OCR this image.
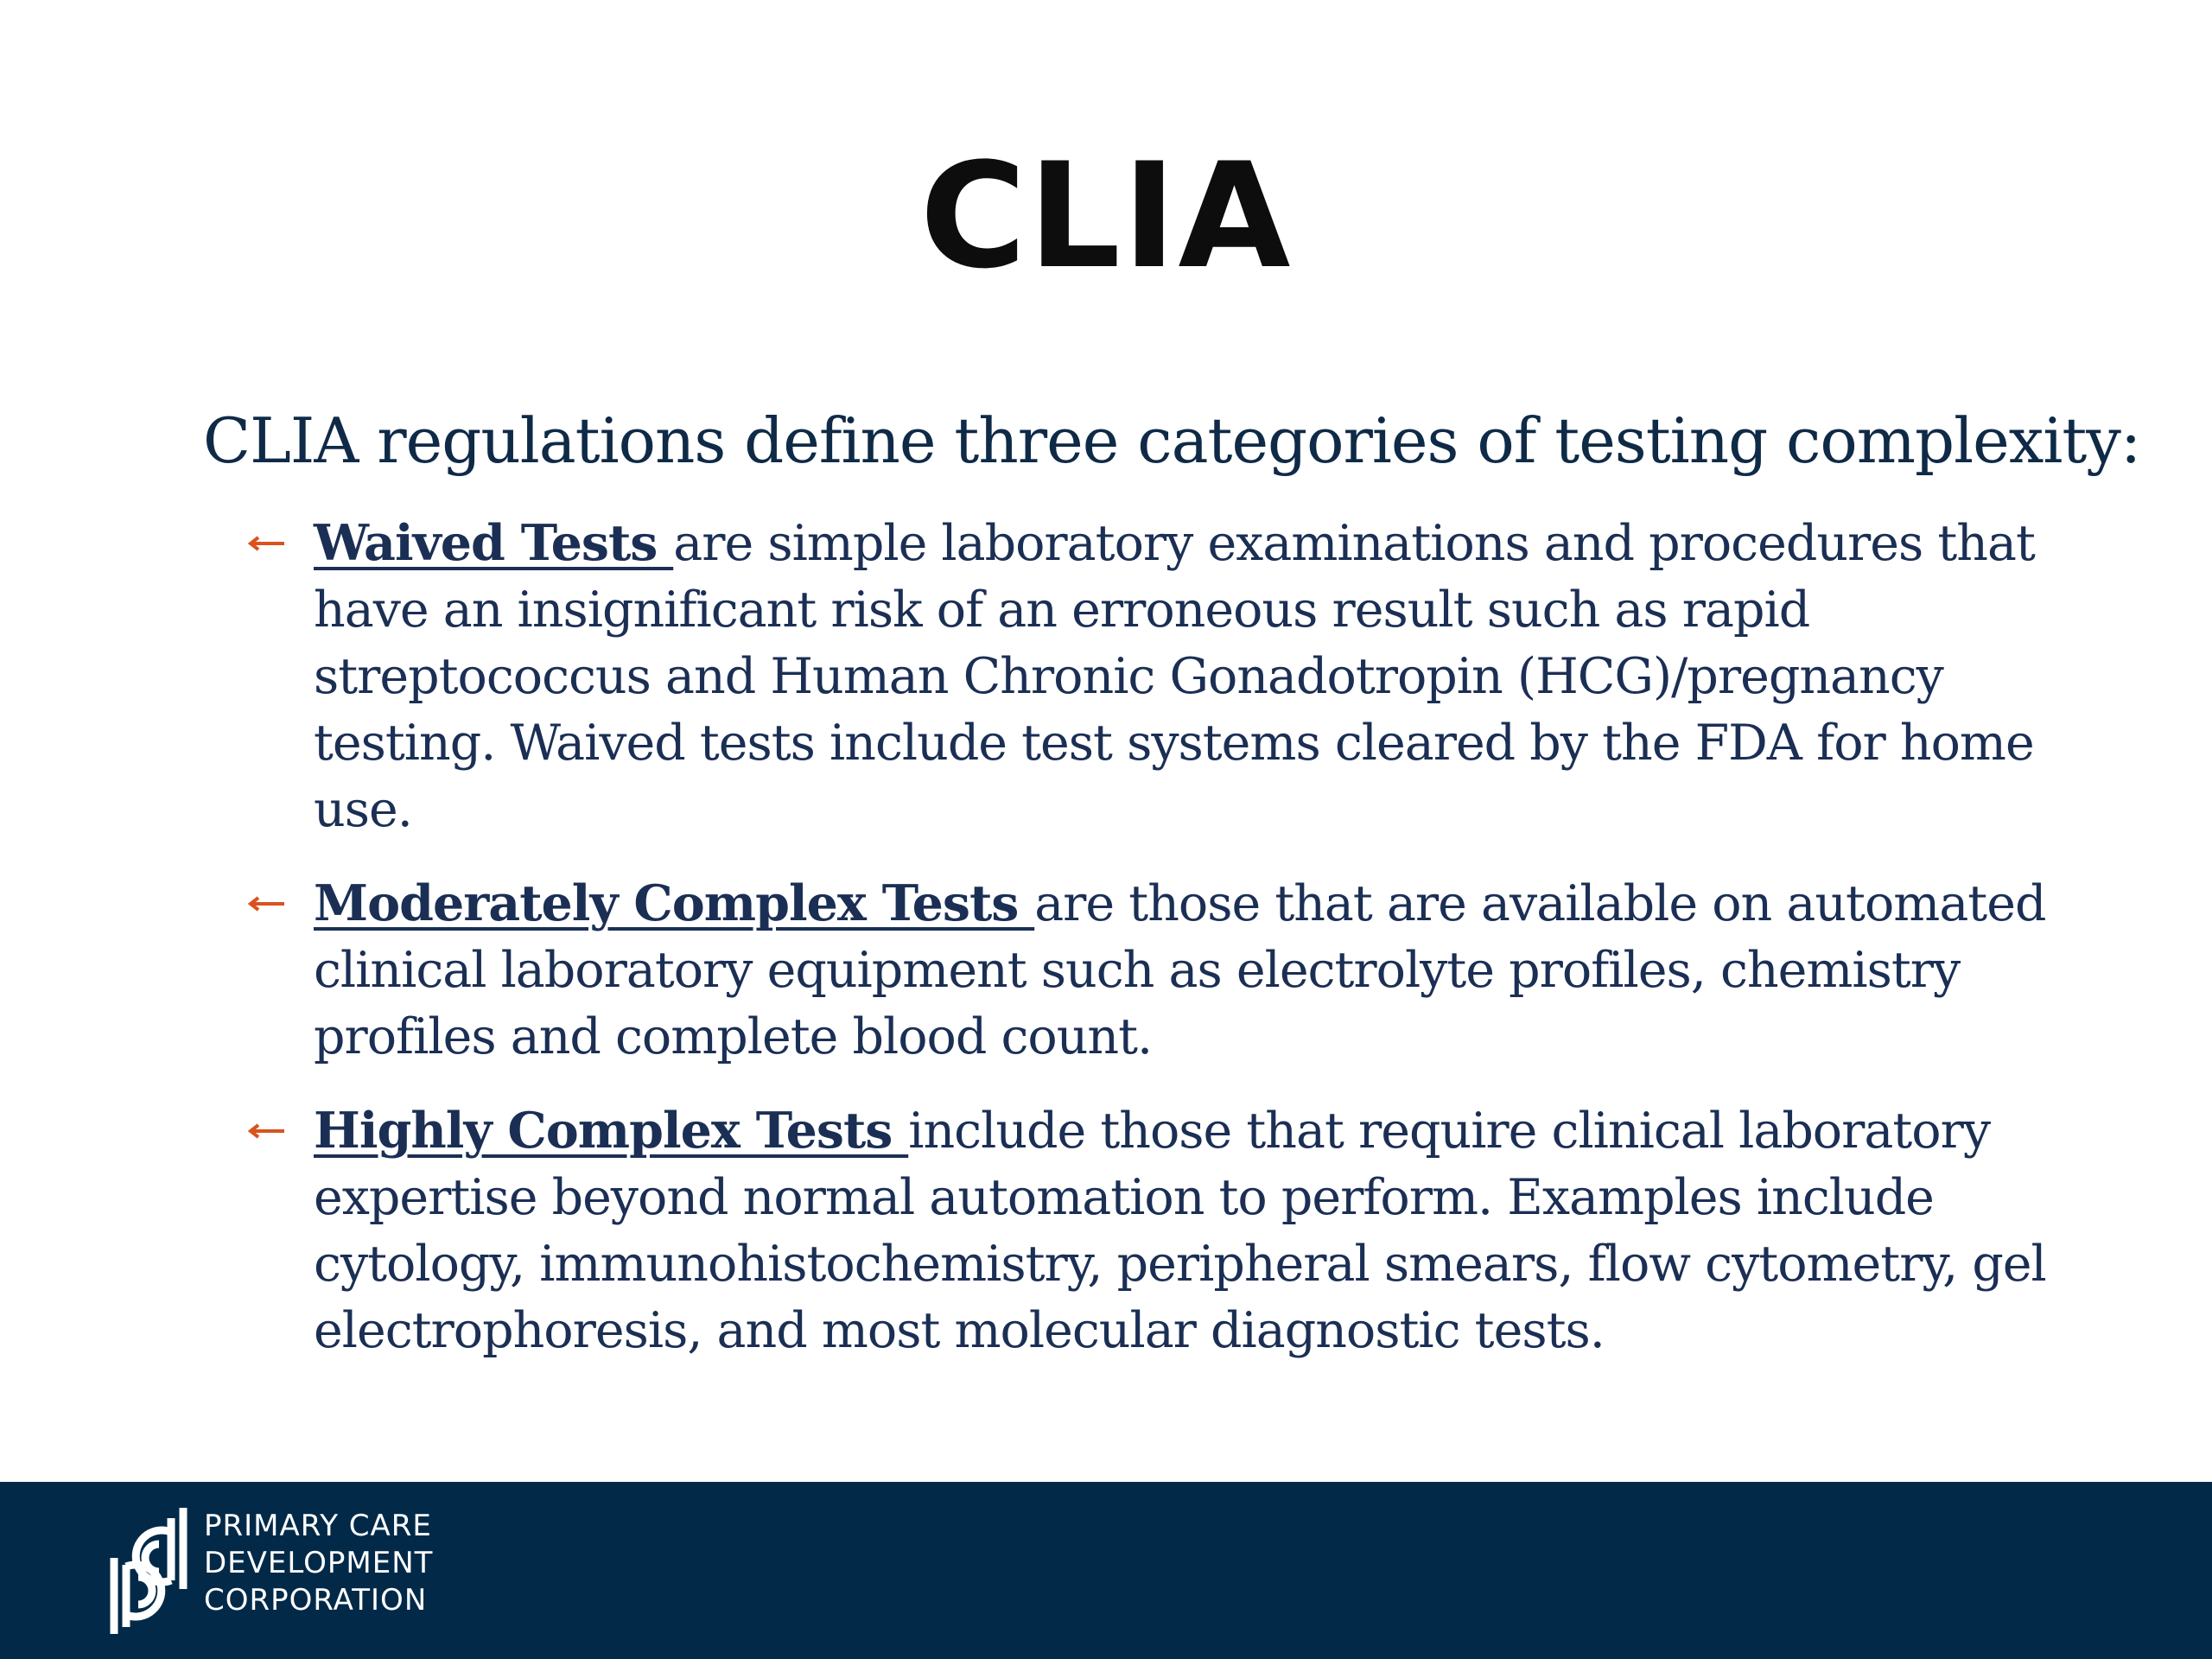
CLIA
CLIA regulations define three categories of testing complexity:
Waived Tests are simple laboratory examinations and procedures that have an insignificant risk of an erroneous result such as rapid streptococcus and Human Chronic Gonadotropin (HCG)/pregnancy testing. Waived tests include test systems cleared by the FDA for home use.
Moderately Complex Tests are those that are available on automated clinical laboratory equipment such as electrolyte profiles, chemistry profiles and complete blood count.
Highly Complex Tests include those that require clinical laboratory expertise beyond normal automation to perform. Examples include cytology, immunohistochemistry, peripheral smears, flow cytometry, gel electrophoresis, and most molecular diagnostic tests.
PRIMARY CARE
DEVELOPMENT
CORPORATION
